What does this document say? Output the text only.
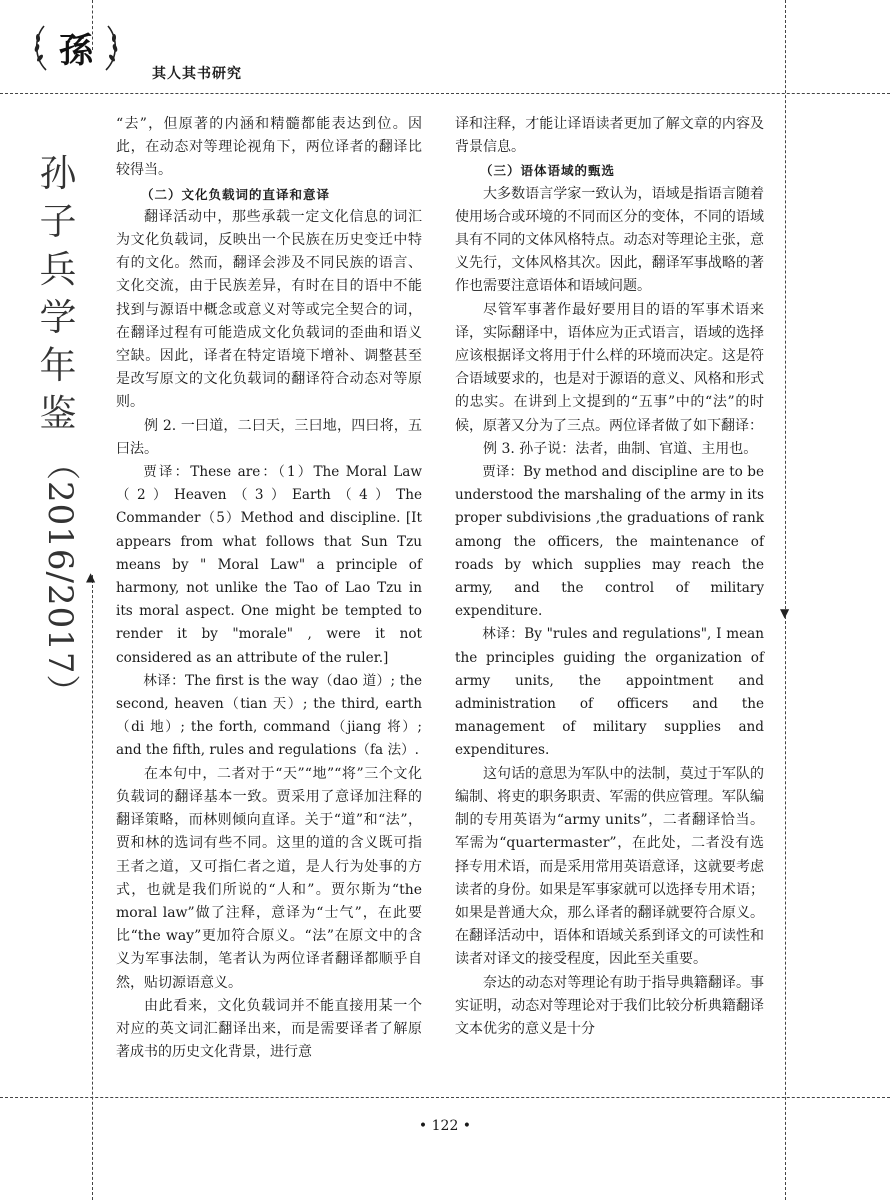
孫
其人其书研究
孙
子
兵
学
年
鉴
（2016/2017） ▲
▼

“去”，但原著的内涵和精髓都能表达到位。因此，在动态对等理论视角下，两位译者的翻译比较得当。

（二）文化负载词的直译和意译

翻译活动中，那些承载一定文化信息的词汇为文化负载词，反映出一个民族在历史变迁中特有的文化。然而，翻译会涉及不同民族的语言、文化交流，由于民族差异，有时在目的语中不能找到与源语中概念或意义对等或完全契合的词，在翻译过程有可能造成文化负载词的歪曲和语义空缺。因此，译者在特定语境下增补、调整甚至是改写原文的文化负载词的翻译符合动态对等原则。

例 2. 一曰道，二曰天，三曰地，四曰将，五曰法。

贾译：These are：（1）The Moral Law（2）Heaven（3）Earth（4）The Commander（5）Method and discipline. [It appears from what follows that Sun Tzu means by " Moral Law" a principle of harmony, not unlike the Tao of Lao Tzu in its moral aspect. One might be tempted to render it by "morale" , were it not considered as an attribute of the ruler.]

林译：The first is the way（dao 道）; the second, heaven（tian 天）; the third, earth（di 地）; the forth, command（jiang 将）; and the fifth, rules and regulations（fa 法）.

在本句中，二者对于“天”“地”“将”三个文化负载词的翻译基本一致。贾采用了意译加注释的翻译策略，而林则倾向直译。关于“道”和“法”，贾和林的选词有些不同。这里的道的含义既可指王者之道，又可指仁者之道，是人行为处事的方式，也就是我们所说的“人和”。贾尔斯为“the moral law”做了注释，意译为“士气”，在此要比“the way”更加符合原义。“法”在原文中的含义为军事法制，笔者认为两位译者翻译都顺乎自然，贴切源语意义。

由此看来，文化负载词并不能直接用某一个对应的英文词汇翻译出来，而是需要译者了解原著成书的历史文化背景，进行意

译和注释，才能让译语读者更加了解文章的内容及背景信息。

（三）语体语域的甄选

大多数语言学家一致认为，语域是指语言随着使用场合或环境的不同而区分的变体，不同的语域具有不同的文体风格特点。动态对等理论主张，意义先行，文体风格其次。因此，翻译军事战略的著作也需要注意语体和语域问题。

尽管军事著作最好要用目的语的军事术语来译，实际翻译中，语体应为正式语言，语域的选择应该根据译文将用于什么样的环境而决定。这是符合语域要求的，也是对于源语的意义、风格和形式的忠实。在讲到上文提到的“五事”中的“法”的时候，原著又分为了三点。两位译者做了如下翻译：

例 3. 孙子说：法者，曲制、官道、主用也。

贾译：By method and discipline are to be understood the marshaling of the army in its proper subdivisions ,the graduations of rank among the officers, the maintenance of roads by which supplies may reach the army, and the control of military expenditure.

林译：By "rules and regulations", I mean the principles guiding the organization of army units, the appointment and administration of officers and the management of military supplies and expenditures.

这句话的意思为军队中的法制，莫过于军队的编制、将吏的职务职责、军需的供应管理。军队编制的专用英语为“army units”，二者翻译恰当。军需为“quartermaster”，在此处，二者没有选择专用术语，而是采用常用英语意译，这就要考虑读者的身份。如果是军事家就可以选择专用术语；如果是普通大众，那么译者的翻译就要符合原义。在翻译活动中，语体和语域关系到译文的可读性和读者对译文的接受程度，因此至关重要。

奈达的动态对等理论有助于指导典籍翻译。事实证明，动态对等理论对于我们比较分析典籍翻译文本优劣的意义是十分

• 122 •
